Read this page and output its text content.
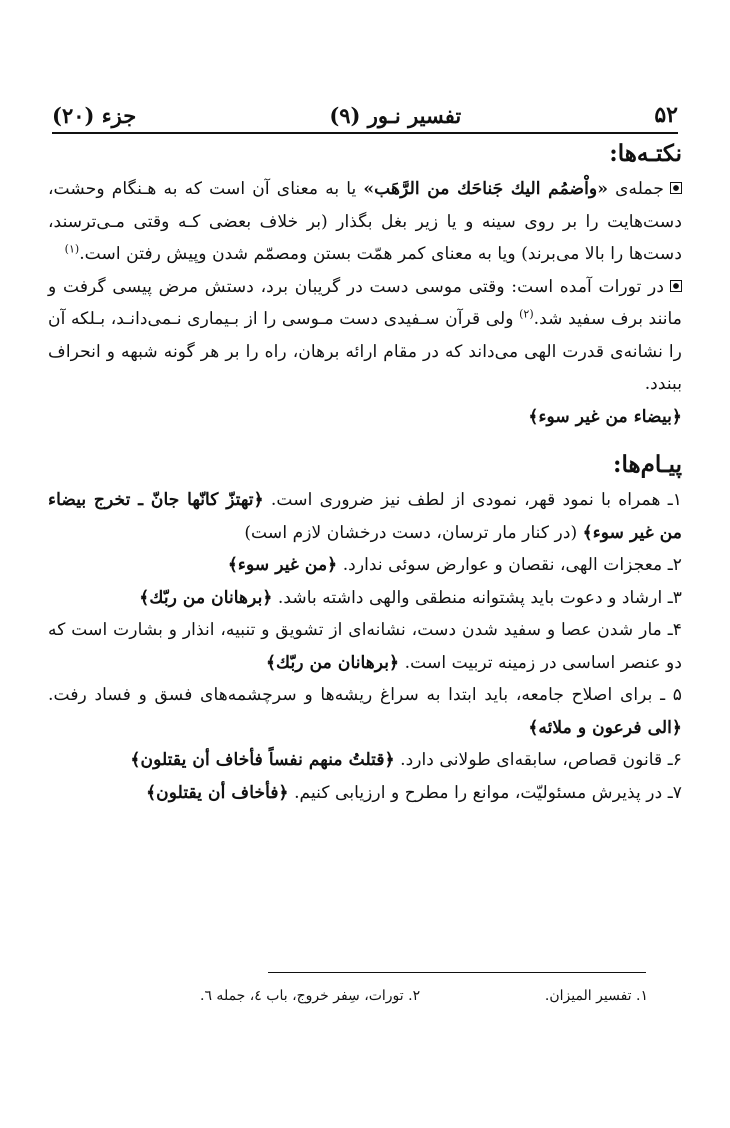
جزء (۲۰)	تفسیر نـور (۹)	۵۲
نکتـه‌ها:

جمله‌ی «واْضمُم اليك جَناحَك من الرَّهَب» یا به معنای آن است که به هـنگام وحشت، دست‌هایت را بر روی سینه و یا زیر بغل بگذار (بر خلاف بعضی کـه وقتی مـی‌ترسند، دست‌ها را بالا می‌برند) ویا به معنای کمر همّت بستن ومصمّم شدن وپیش رفتن است.$^{(۱)}$

در تورات آمده است: وقتی موسی دست در گریبان برد، دستش مرض پیسی گرفت و مانند برف سفید شد.$^{(۲)}$ ولی قرآن سـفیدی دست مـوسی را از بـیماری نـمی‌دانـد، بـلکه آن را نشانه‌ی قدرت الهی می‌داند که در مقام ارائه برهان، راه را بر هر گونه شبهه و انحراف ببندد.

﴿بيضاء من غير سوء﴾

پیـام‌ها:

۱ـ همراه با نمود قهر، نمودی از لطف نیز ضروری است. ﴿تهتزّ كانّها جانّ ـ تخرج بيضاء من غير سوء﴾ (در کنار مار ترسان، دست درخشان لازم است)

۲ـ معجزات الهی، نقصان و عوارض سوئی ندارد. ﴿من غير سوء﴾

۳ـ ارشاد و دعوت باید پشتوانه منطقی والهی داشته باشد. ﴿برهانان من ربّك﴾

۴ـ مار شدن عصا و سفید شدن دست، نشانه‌ای از تشویق و تنبیه، انذار و بشارت است که دو عنصر اساسی در زمینه تربیت است. ﴿برهانان من ربّك﴾

۵ ـ برای اصلاح جامعه، باید ابتدا به سراغ ریشه‌ها و سرچشمه‌های فسق و فساد رفت. ﴿الى فرعون و ملائه﴾

۶ـ قانون قصاص، سابقه‌ای طولانی دارد. ﴿قتلتُ منهم نفساً فأخاف أن يقتلون﴾

۷ـ در پذیرش مسئولیّت، موانع را مطرح و ارزیابی کنیم. ﴿فأخاف أن يقتلون﴾

۱. تفسیر المیزان.
۲. تورات، سِفر خروج، باب ٤، جمله ٦.
